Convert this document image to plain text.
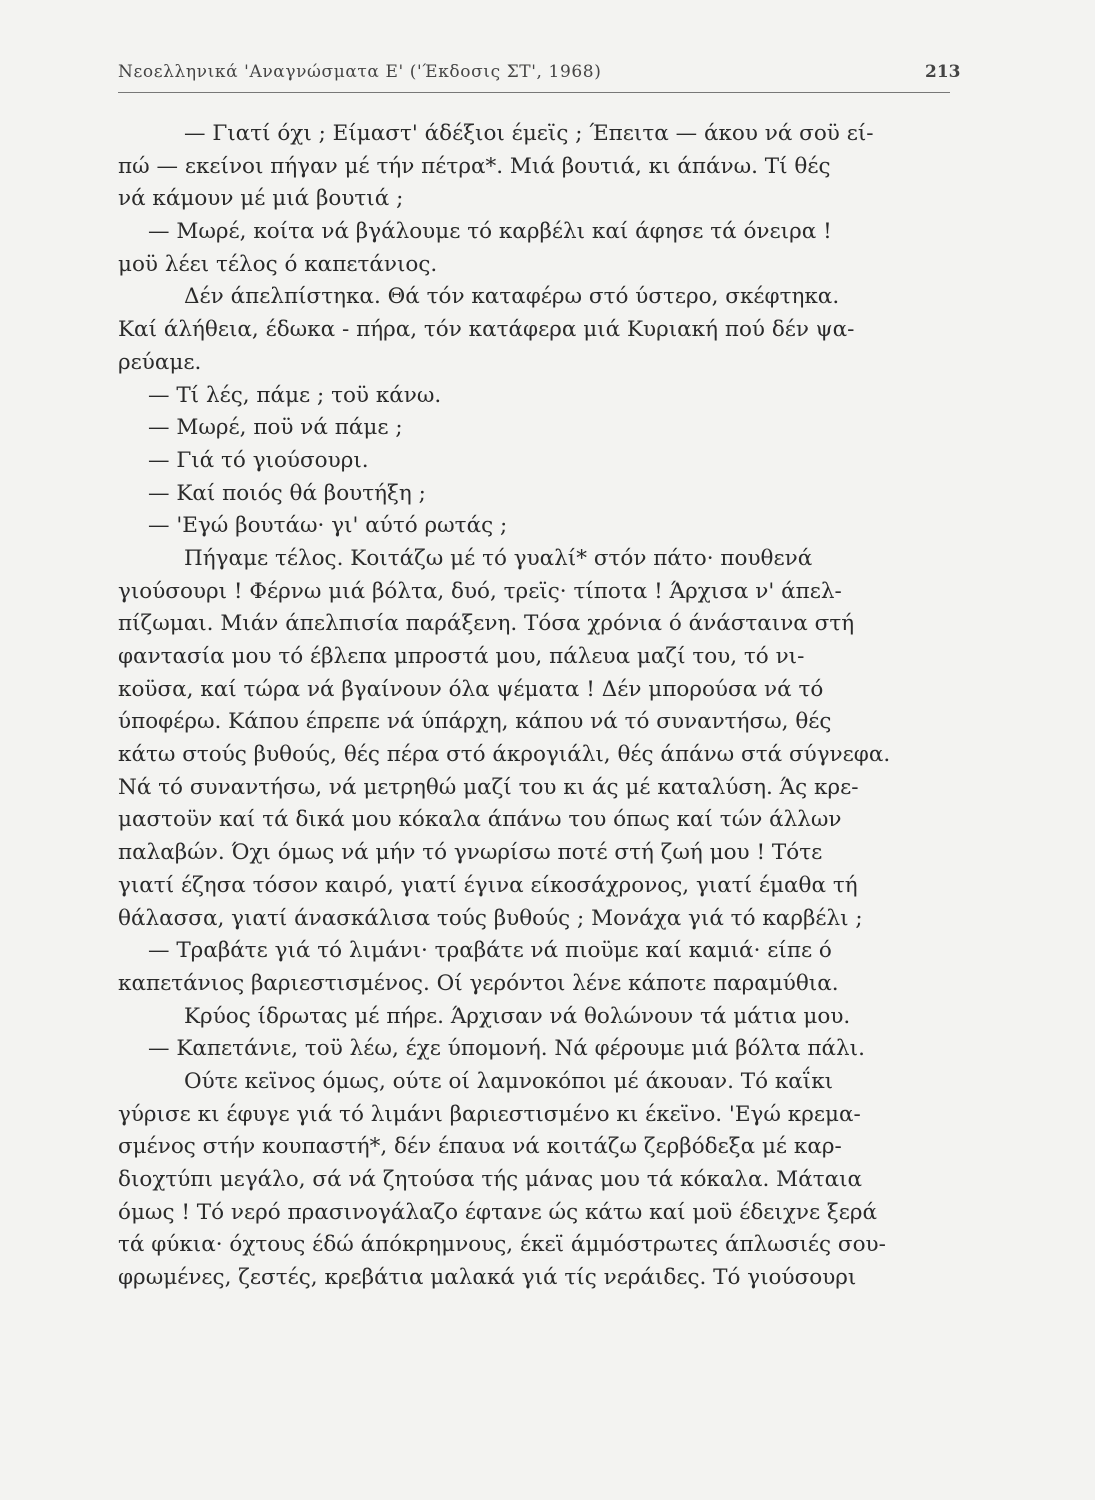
Νεοελληνικά 'Αναγνώσματα Ε' ('Έκδοσις ΣΤ', 1968)	213
— Γιατί όχι ; Είμαστ' άδέξιοι έμεϊς ; Έπειτα — άκου νά σοϋ εί-
πώ — εκείνοι πήγαν μέ τήν πέτρα*. Μιά βουτιά, κι άπάνω. Τί θές
νά κάμουν μέ μιά βουτιά ;
— Μωρέ, κοίτα νά βγάλουμε τό καρβέλι καί άφησε τά όνειρα !
μοϋ λέει τέλος ό καπετάνιος.
Δέν άπελπίστηκα. Θά τόν καταφέρω στό ύστερο, σκέφτηκα.
Καί άλήθεια, έδωκα - πήρα, τόν κατάφερα μιά Κυριακή πού δέν ψα-
ρεύαμε.
— Τί λές, πάμε ; τοϋ κάνω.
— Μωρέ, ποϋ νά πάμε ;
— Γιά τό γιούσουρι.
— Καί ποιός θά βουτήξη ;
— 'Εγώ βουτάω· γι' αύτό ρωτάς ;
Πήγαμε τέλος. Κοιτάζω μέ τό γυαλί* στόν πάτο· πουθενά
γιούσουρι ! Φέρνω μιά βόλτα, δυό, τρεϊς· τίποτα ! Άρχισα ν' άπελ-
πίζωμαι. Μιάν άπελπισία παράξενη. Τόσα χρόνια ό άνάσταινα στή
φαντασία μου τό έβλεπα μπροστά μου, πάλευα μαζί του, τό νι-
κοϋσα, καί τώρα νά βγαίνουν όλα ψέματα ! Δέν μπορούσα νά τό
ύποφέρω. Κάπου έπρεπε νά ύπάρχη, κάπου νά τό συναντήσω, θές
κάτω στούς βυθούς, θές πέρα στό άκρογιάλι, θές άπάνω στά σύγνεφα.
Νά τό συναντήσω, νά μετρηθώ μαζί του κι άς μέ καταλύση. Άς κρε-
μαστοϋν καί τά δικά μου κόκαλα άπάνω του όπως καί τών άλλων
παλαβών. Όχι όμως νά μήν τό γνωρίσω ποτέ στή ζωή μου ! Τότε
γιατί έζησα τόσον καιρό, γιατί έγινα είκοσάχρονος, γιατί έμαθα τή
θάλασσα, γιατί άνασκάλισα τούς βυθούς ; Μονάχα γιά τό καρβέλι ;
— Τραβάτε γιά τό λιμάνι· τραβάτε νά πιοϋμε καί καμιά· είπε ό
καπετάνιος βαριεστισμένος. Οί γερόντοι λένε κάποτε παραμύθια.
Κρύος ίδρωτας μέ πήρε. Άρχισαν νά θολώνουν τά μάτια μου.
— Καπετάνιε, τοϋ λέω, έχε ύπομονή. Νά φέρουμε μιά βόλτα πάλι.
Ούτε κεϊνος όμως, ούτε οί λαμνοκόποι μέ άκουαν. Τό καΐκι
γύρισε κι έφυγε γιά τό λιμάνι βαριεστισμένο κι έκεϊνο. 'Εγώ κρεμα-
σμένος στήν κουπαστή*, δέν έπαυα νά κοιτάζω ζερβόδεξα μέ καρ-
διοχτύπι μεγάλο, σά νά ζητούσα τής μάνας μου τά κόκαλα. Μάταια
όμως ! Τό νερό πρασινογάλαζο έφτανε ώς κάτω καί μοϋ έδειχνε ξερά
τά φύκια· όχτους έδώ άπόκρημνους, έκεϊ άμμόστρωτες άπλωσιές σου-
φρωμένες, ζεστές, κρεβάτια μαλακά γιά τίς νεράιδες. Τό γιούσουρι
